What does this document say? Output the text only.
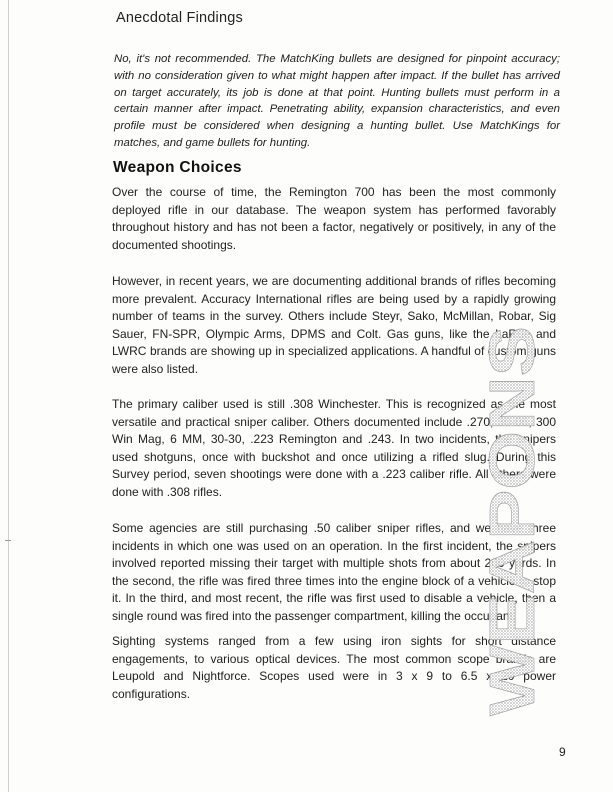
Anecdotal Findings
No, it's not recommended. The MatchKing bullets are designed for pinpoint accuracy; with no consideration given to what might happen after impact. If the bullet has arrived on target accurately, its job is done at that point. Hunting bullets must perform in a certain manner after impact. Penetrating ability, expansion characteristics, and even profile must be considered when designing a hunting bullet. Use MatchKings for matches, and game bullets for hunting.
Weapon Choices

Over the course of time, the Remington 700 has been the most commonly deployed rifle in our database. The weapon system has performed favorably throughout history and has not been a factor, negatively or positively, in any of the documented shootings.

However, in recent years, we are documenting additional brands of rifles becoming more prevalent. Accuracy International rifles are being used by a rapidly growing number of teams in the survey. Others include Steyr, Sako, McMillan, Robar, Sig Sauer, FN-SPR, Olympic Arms, DPMS and Colt. Gas guns, like the LaRue and LWRC brands are showing up in specialized applications. A handful of custom guns were also listed.

The primary caliber used is still .308 Winchester. This is recognized as the most versatile and practical sniper caliber. Others documented include .270, 30-06, 300 Win Mag, 6 MM, 30-30, .223 Remington and .243. In two incidents, the snipers used shotguns, once with buckshot and once utilizing a rifled slug. During this Survey period, seven shootings were done with a .223 caliber rifle. All others were done with .308 rifles.

Some agencies are still purchasing .50 caliber sniper rifles, and we have three incidents in which one was used on an operation. In the first incident, the snipers involved reported missing their target with multiple shots from about 200 yards. In the second, the rifle was fired three times into the engine block of a vehicle to stop it. In the third, and most recent, the rifle was first used to disable a vehicle, then a single round was fired into the passenger compartment, killing the occupant.

Sighting systems ranged from a few using iron sights for short distance engagements, to various optical devices. The most common scope brands are Leupold and Nightforce. Scopes used were in 3 x 9 to 6.5 x 20 power configurations.	WEAPONS
9
